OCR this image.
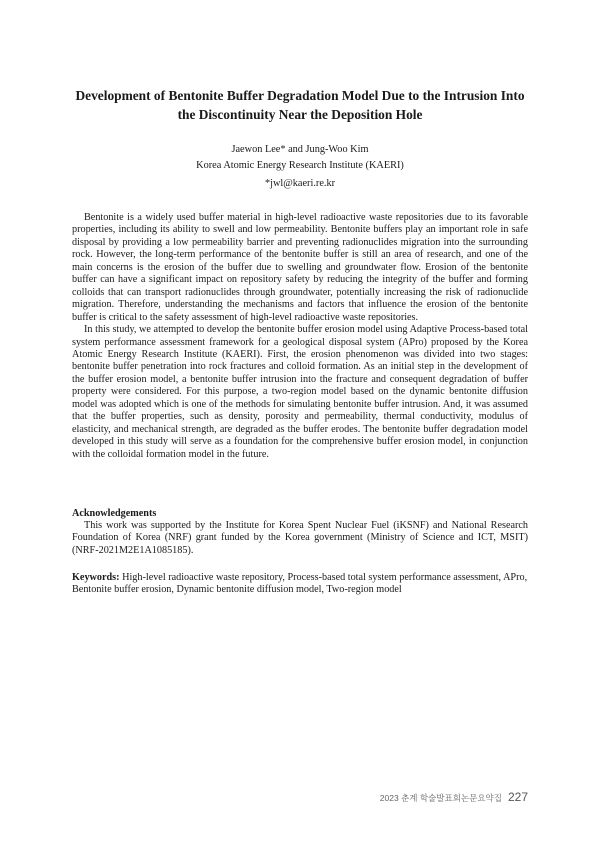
Development of Bentonite Buffer Degradation Model Due to the Intrusion Into
the Discontinuity Near the Deposition Hole
Jaewon Lee* and Jung-Woo Kim
Korea Atomic Energy Research Institute (KAERI)
*jwl@kaeri.re.kr

Bentonite is a widely used buffer material in high-level radioactive waste repositories due to its favorable properties, including its ability to swell and low permeability. Bentonite buffers play an important role in safe disposal by providing a low permeability barrier and preventing radionuclides migration into the surrounding rock. However, the long-term performance of the bentonite buffer is still an area of research, and one of the main concerns is the erosion of the buffer due to swelling and groundwater flow. Erosion of the bentonite buffer can have a significant impact on repository safety by reducing the integrity of the buffer and forming colloids that can transport radionuclides through groundwater, potentially increasing the risk of radionuclide migration. Therefore, understanding the mechanisms and factors that influence the erosion of the bentonite buffer is critical to the safety assessment of high-level radioactive waste repositories.

In this study, we attempted to develop the bentonite buffer erosion model using Adaptive Process-based total system performance assessment framework for a geological disposal system (APro) proposed by the Korea Atomic Energy Research Institute (KAERI). First, the erosion phenomenon was divided into two stages: bentonite buffer penetration into rock fractures and colloid formation. As an initial step in the development of the buffer erosion model, a bentonite buffer intrusion into the fracture and consequent degradation of buffer property were considered. For this purpose, a two-region model based on the dynamic bentonite diffusion model was adopted which is one of the methods for simulating bentonite buffer intrusion. And, it was assumed that the buffer properties, such as density, porosity and permeability, thermal conductivity, modulus of elasticity, and mechanical strength, are degraded as the buffer erodes. The bentonite buffer degradation model developed in this study will serve as a foundation for the comprehensive buffer erosion model, in conjunction with the colloidal formation model in the future.

Acknowledgements

This work was supported by the Institute for Korea Spent Nuclear Fuel (iKSNF) and National Research Foundation of Korea (NRF) grant funded by the Korea government (Ministry of Science and ICT, MSIT) (NRF-2021M2E1A1085185).

Keywords: High-level radioactive waste repository, Process-based total system performance assessment, APro, Bentonite buffer erosion, Dynamic bentonite diffusion model, Two-region model

2023 춘계 학술발표회논문요약집 227
